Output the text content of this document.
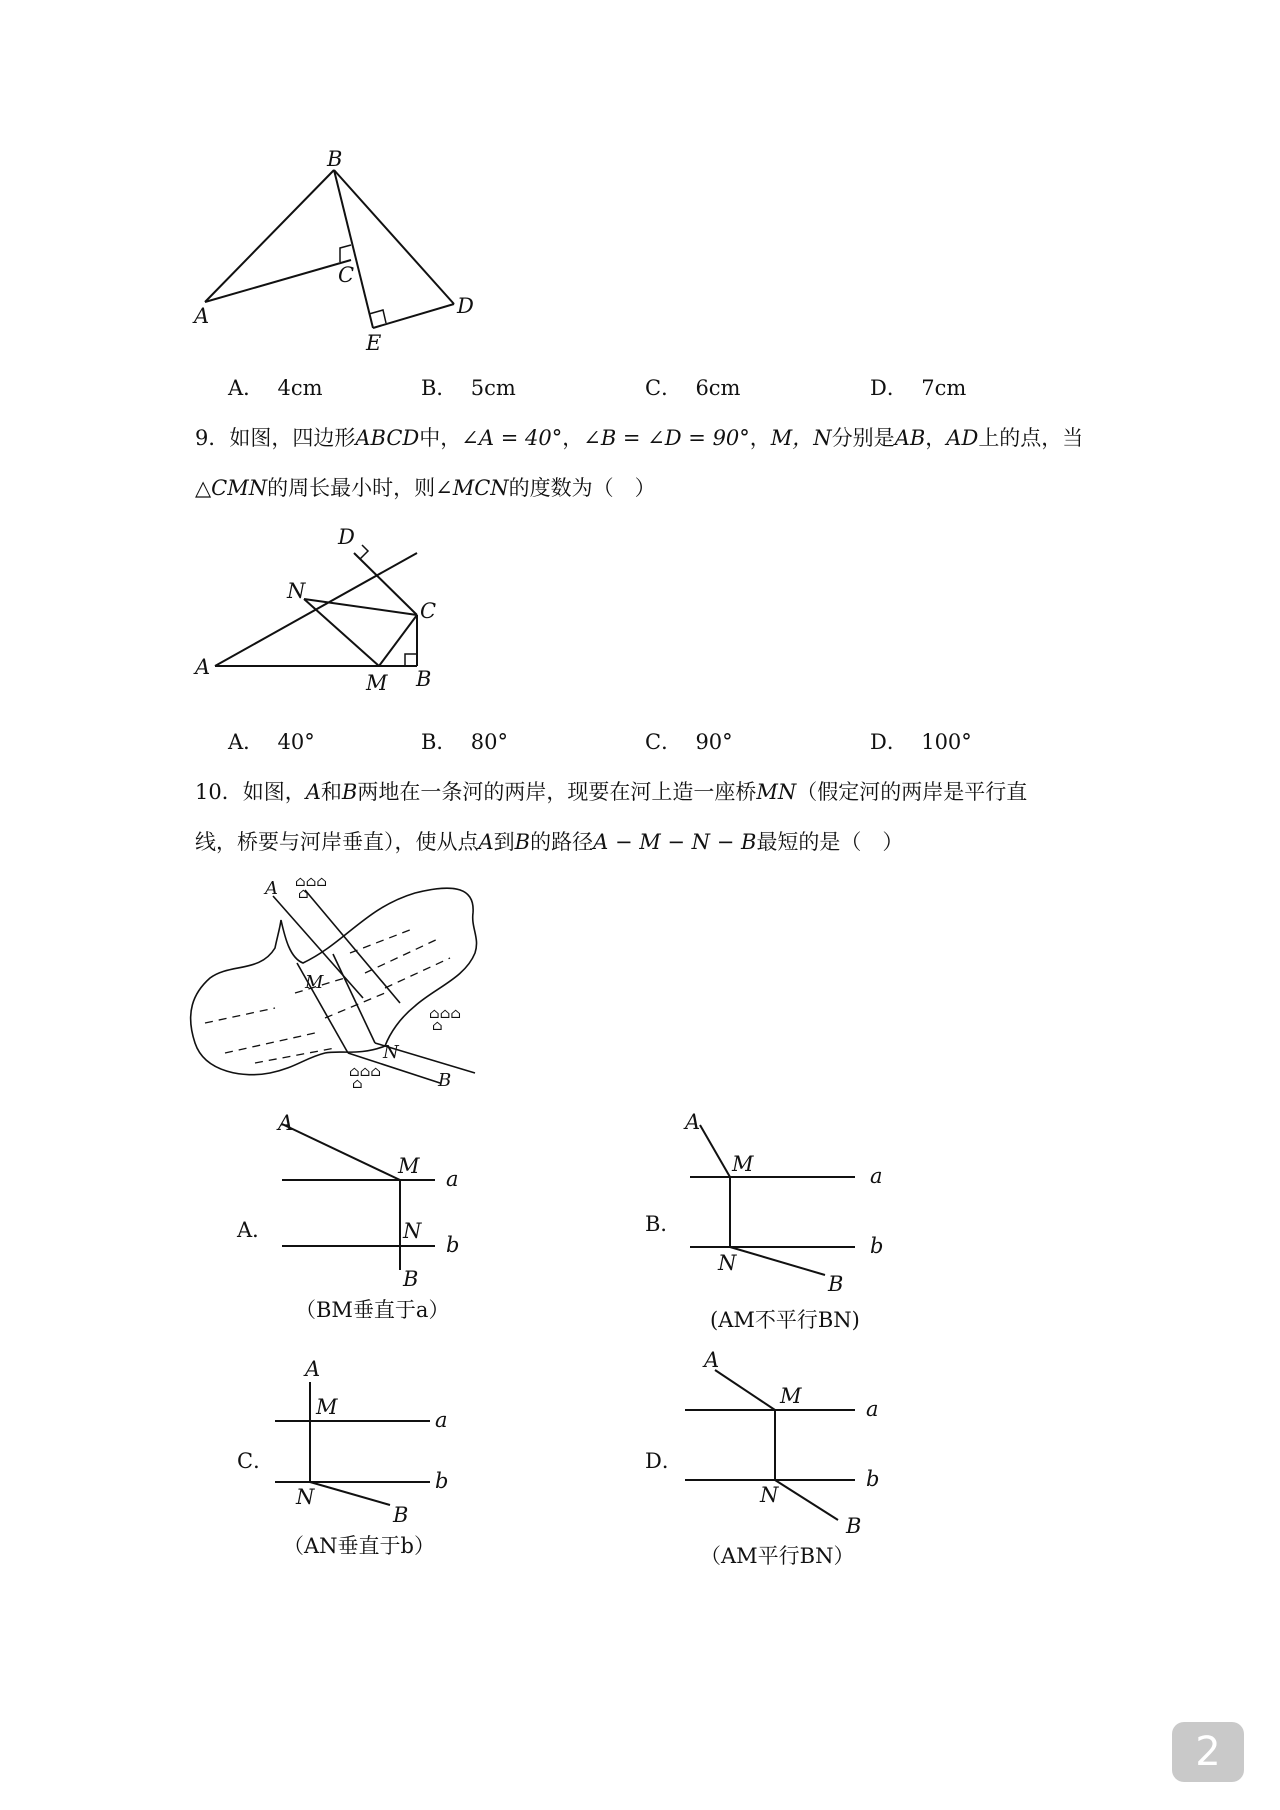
B
C
A	D
E
A． 4cm	B． 5cm	C． 6cm	D． 7cm
9．如图，四边形ABCD中，∠A = 40°，∠B = ∠D = 90°，M，N分别是AB，AD上的点，当
△CMN的周长最小时，则∠MCN的度数为（　）
D
N
C
A
M B
A． 40°	B． 80°	C． 90°	D． 100°
10．如图，A和B两地在一条河的两岸，现要在河上造一座桥MN（假定河的两岸是平行直
线，桥要与河岸垂直），使从点A到B的路径A − M − N − B最短的是（　）
⌂⌂⌂
⌂
⌂⌂⌂
⌂
⌂⌂⌂
⌂
A
M
N
B
A．
A
M
a
N
b
B
（BM垂直于a）
B．
A
M	a
N
b
B
(AM不平行BN)
C．
A
M
a
N
b
B
（AN垂直于b）
D．
A
M
a
N
b
B
（AM平行BN）
2
